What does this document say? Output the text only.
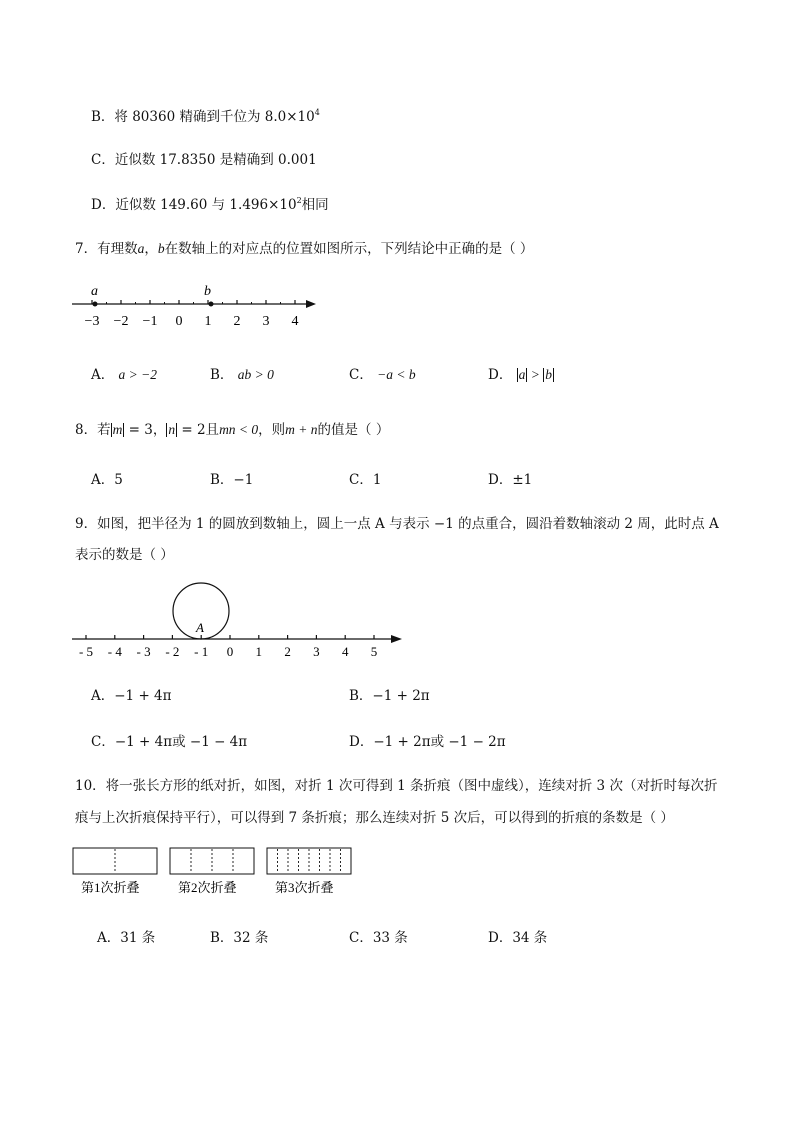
B．将 80360 精确到千位为 $8.0\times 10^4$
C．近似数 17.8350 是精确到 0.001
D．近似数 149.60 与 $1.496\times 10^2$相同
7．有理数a，b在数轴上的对应点的位置如图所示，下列结论中正确的是（ ）
−3 −2 −1 0 1 2 3 4
a	b
A． a > −2	B． ab > 0	C． −a < b	D． a > b
8．若 m = 3， n = 2且mn < 0，则m + n的值是（ ）
A．5	B．−1	C．1	D．±1
9．如图，把半径为 1 的圆放到数轴上，圆上一点 A 与表示 −1 的点重合，圆沿着数轴滚动 2 周，此时点 A
表示的数是（ ）
- 5 - 4 - 3 - 2 - 1 0 1 2 3 4 5
A
A．−1 + 4π	B．−1 + 2π
C．−1 + 4π或 −1 − 4π	D．−1 + 2π或 −1 − 2π
10．将一张长方形的纸对折，如图，对折 1 次可得到 1 条折痕（图中虚线），连续对折 3 次（对折时每次折
痕与上次折痕保持平行），可以得到 7 条折痕；那么连续对折 5 次后，可以得到的折痕的条数是（ ）
第1次折叠	第2次折叠	第3次折叠
A．31 条	B．32 条	C．33 条	D．34 条
